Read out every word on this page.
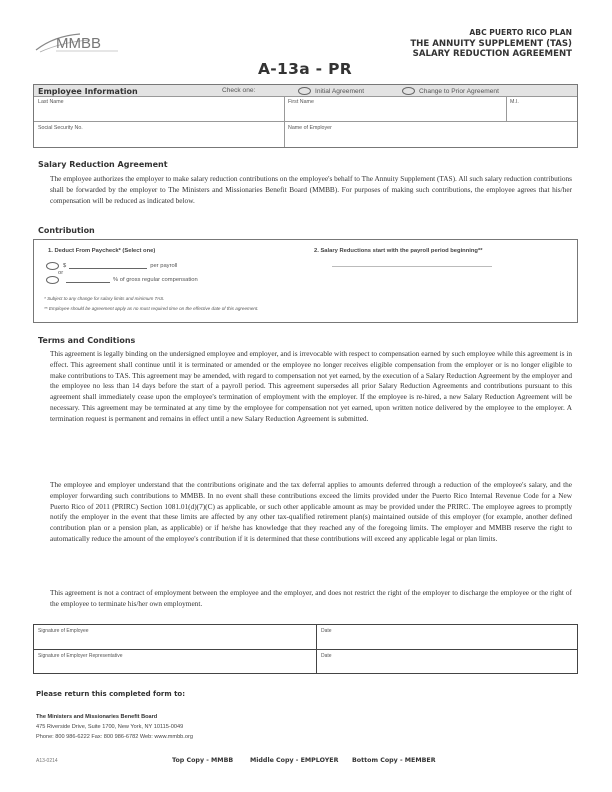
MMBB
ABC PUERTO RICO PLAN
THE ANNUITY SUPPLEMENT (TAS)
SALARY REDUCTION AGREEMENT
A-13a - PR
Employee Information	Check one:	Initial Agreement	Change to Prior Agreement
Last Name	First Name	M.I.
Social Security No.	Name of Employer
Salary Reduction Agreement
The employee authorizes the employer to make salary reduction contributions on the employee's behalf to The Annuity Supplement (TAS). All such salary reduction contributions shall be forwarded by the employer to The Ministers and Missionaries Benefit Board (MMBB). For purposes of making such contributions, the employee agrees that his/her compensation will be reduced as indicated below.
Contribution
1. Deduct From Paycheck* (Select one)
$	per payroll
or
% of gross regular compensation
2. Salary Reductions start with the payroll period beginning**
* Subject to any change for salary limits and minimum TAS.
** Employee should be agreement apply as no must required time on the effective date of this agreement.
Terms and Conditions
This agreement is legally binding on the undersigned employee and employer, and is irrevocable with respect to compensation earned by such employee while this agreement is in effect. This agreement shall continue until it is terminated or amended or the employee no longer receives eligible compensation from the employer or is no longer eligible to make contributions to TAS. This agreement may be amended, with regard to compensation not yet earned, by the execution of a Salary Reduction Agreement by the employer and the employee no less than 14 days before the start of a payroll period. This agreement supersedes all prior Salary Reduction Agreements and contributions pursuant to this agreement shall immediately cease upon the employee's termination of employment with the employer. If the employee is re-hired, a new Salary Reduction Agreement will be necessary. This agreement may be terminated at any time by the employee for compensation not yet earned, upon written notice delivered by the employee to the employer. A termination request is permanent and remains in effect until a new Salary Reduction Agreement is submitted.
The employee and employer understand that the contributions originate and the tax deferral applies to amounts deferred through a reduction of the employee's salary, and the employer forwarding such contributions to MMBB. In no event shall these contributions exceed the limits provided under the Puerto Rico Internal Revenue Code for a New Puerto Rico of 2011 (PRIRC) Section 1081.01(d)(7)(C) as applicable, or such other applicable amount as may be provided under the PRIRC. The employee agrees to promptly notify the employer in the event that these limits are affected by any other tax-qualified retirement plan(s) maintained outside of this employer (for example, another defined contribution plan or a pension plan, as applicable) or if he/she has knowledge that they reached any of the foregoing limits. The employer and MMBB reserve the right to automatically reduce the amount of the employee's contribution if it is determined that these contributions will exceed any applicable legal or plan limits.
This agreement is not a contract of employment between the employee and the employer, and does not restrict the right of the employer to discharge the employee or the right of the employee to terminate his/her own employment.
Signature of Employee	Date
Signature of Employer Representative	Date
Please return this completed form to:
The Ministers and Missionaries Benefit Board
475 Riverside Drive, Suite 1700, New York, NY 10115-0049
Phone: 800 986-6222 Fax: 800 986-6782 Web: www.mmbb.org
A13-0214	Top Copy - MMBB	Middle Copy - EMPLOYER Bottom Copy - MEMBER
